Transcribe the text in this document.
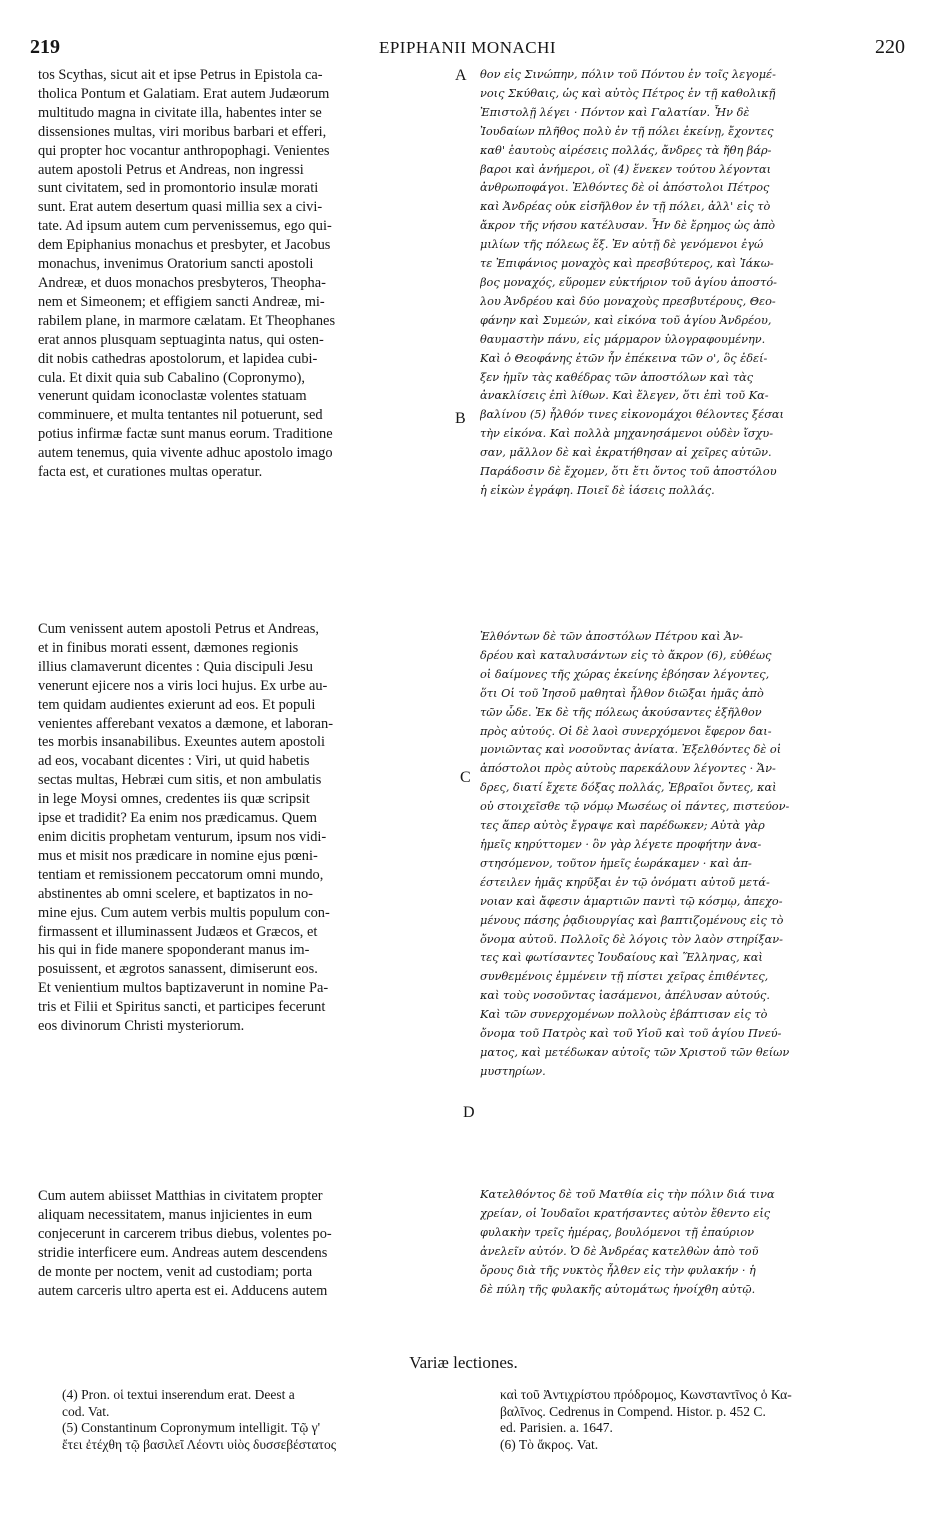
219	EPIPHANII MONACHI	220
tos Scythas, sicut ait et ipse Petrus in Epistola ca-
tholica Pontum et Galatiam. Erat autem Judæorum
multitudo magna in civitate illa, habentes inter se
dissensiones multas, viri moribus barbari et efferi,
qui propter hoc vocantur anthropophagi. Venientes
autem apostoli Petrus et Andreas, non ingressi
sunt civitatem, sed in promontorio insulæ morati
sunt. Erat autem desertum quasi millia sex a civi-
tate. Ad ipsum autem cum pervenissemus, ego qui-
dem Epiphanius monachus et presbyter, et Jacobus
monachus, invenimus Oratorium sancti apostoli
Andreæ, et duos monachos presbyteros, Theopha-
nem et Simeonem; et effigiem sancti Andreæ, mi-
rabilem plane, in marmore cælatam. Et Theophanes
erat annos plusquam septuaginta natus, qui osten-
dit nobis cathedras apostolorum, et lapidea cubi-
cula. Et dixit quia sub Cabalino (Copronymo),
venerunt quidam iconoclastæ volentes statuam
comminuere, et multa tentantes nil potuerunt, sed
potius infirmæ factæ sunt manus eorum. Traditione
autem tenemus, quia vivente adhuc apostolo imago
facta est, et curationes multas operatur.
Cum venissent autem apostoli Petrus et Andreas,
et in finibus morati essent, dæmones regionis
illius clamaverunt dicentes : Quia discipuli Jesu
venerunt ejicere nos a viris loci hujus. Ex urbe au-
tem quidam audientes exierunt ad eos. Et populi
venientes afferebant vexatos a dæmone, et laboran-
tes morbis insanabilibus. Exeuntes autem apostoli
ad eos, vocabant dicentes : Viri, ut quid habetis
sectas multas, Hebræi cum sitis, et non ambulatis
in lege Moysi omnes, credentes iis quæ scripsit
ipse et tradidit? Ea enim nos prædicamus. Quem
enim dicitis prophetam venturum, ipsum nos vidi-
mus et misit nos prædicare in nomine ejus pœni-
tentiam et remissionem peccatorum omni mundo,
abstinentes ab omni scelere, et baptizatos in no-
mine ejus. Cum autem verbis multis populum con-
firmassent et illuminassent Judæos et Græcos, et
his qui in fide manere spoponderant manus im-
posuissent, et ægrotos sanassent, dimiserunt eos.
Et venientium multos baptizaverunt in nomine Pa-
tris et Filii et Spiritus sancti, et participes fecerunt
eos divinorum Christi mysteriorum.
Cum autem abiisset Matthias in civitatem propter
aliquam necessitatem, manus injicientes in eum
conjecerunt in carcerem tribus diebus, volentes po-
stridie interficere eum. Andreas autem descendens
de monte per noctem, venit ad custodiam; porta
autem carceris ultro aperta est ei. Adducens autem
θον εἰς Σινώπην, πόλιν τοῦ Πόντου ἐν τοῖς λεγομέ-
νοις Σκύθαις, ὡς καὶ αὐτὸς Πέτρος ἐν τῇ καθολικῇ
Ἐπιστολῇ λέγει · Πόντον καὶ Γαλατίαν. Ἦν δὲ
Ἰουδαίων πλῆθος πολὺ ἐν τῇ πόλει ἐκείνῃ, ἔχοντες
καθ' ἑαυτοὺς αἱρέσεις πολλάς, ἄνδρες τὰ ἤθη βάρ-
βαροι καὶ ἀνήμεροι, οἳ (4) ἕνεκεν τούτου λέγονται
ἀνθρωποφάγοι. Ἐλθόντες δὲ οἱ ἀπόστολοι Πέτρος
καὶ Ἀνδρέας οὐκ εἰσῆλθον ἐν τῇ πόλει, ἀλλ' εἰς τὸ
ἄκρον τῆς νήσου κατέλυσαν. Ἦν δὲ ἔρημος ὡς ἀπὸ
μιλίων τῆς πόλεως ἕξ. Ἐν αὐτῇ δὲ γενόμενοι ἐγώ
τε Ἐπιφάνιος μοναχὸς καὶ πρεσβύτερος, καὶ Ἰάκω-
βος μοναχός, εὕρομεν εὐκτήριον τοῦ ἁγίου ἀποστό-
λου Ἀνδρέου καὶ δύο μοναχοὺς πρεσβυτέρους, Θεο-
φάνην καὶ Συμεών, καὶ εἰκόνα τοῦ ἁγίου Ἀνδρέου,
θαυμαστὴν πάνυ, εἰς μάρμαρον ὑλογραφουμένην.
Καὶ ὁ Θεοφάνης ἐτῶν ἦν ἐπέκεινα τῶν ο', ὃς ἐδεί-
ξεν ἡμῖν τὰς καθέδρας τῶν ἀποστόλων καὶ τὰς
ἀνακλίσεις ἐπὶ λίθων. Καὶ ἔλεγεν, ὅτι ἐπὶ τοῦ Κα-
βαλίνου (5) ἦλθόν τινες εἰκονομάχοι θέλοντες ξέσαι
τὴν εἰκόνα. Καὶ πολλὰ μηχανησάμενοι οὐδὲν ἴσχυ-
σαν, μᾶλλον δὲ καὶ ἐκρατήθησαν αἱ χεῖρες αὐτῶν.
Παράδοσιν δὲ ἔχομεν, ὅτι ἔτι ὄντος τοῦ ἀποστόλου
ἡ εἰκὼν ἐγράφη. Ποιεῖ δὲ ἰάσεις πολλάς.
Ἐλθόντων δὲ τῶν ἀποστόλων Πέτρου καὶ Ἀν-
δρέου καὶ καταλυσάντων εἰς τὸ ἄκρον (6), εὐθέως
οἱ δαίμονες τῆς χώρας ἐκείνης ἐβόησαν λέγοντες,
ὅτι Οἱ τοῦ Ἰησοῦ μαθηταὶ ἦλθον διῶξαι ἡμᾶς ἀπὸ
τῶν ὧδε. Ἐκ δὲ τῆς πόλεως ἀκούσαντες ἐξῆλθον
πρὸς αὐτούς. Οἱ δὲ λαοὶ συνερχόμενοι ἔφερον δαι-
μονιῶντας καὶ νοσοῦντας ἀνίατα. Ἐξελθόντες δὲ οἱ
ἀπόστολοι πρὸς αὐτοὺς παρεκάλουν λέγοντες · Ἄν-
δρες, διατί ἔχετε δόξας πολλάς, Ἑβραῖοι ὄντες, καὶ
οὐ στοιχεῖσθε τῷ νόμῳ Μωσέως οἱ πάντες, πιστεύον-
τες ἅπερ αὐτὸς ἔγραψε καὶ παρέδωκεν; Αὐτὰ γὰρ
ἡμεῖς κηρύττομεν · ὃν γὰρ λέγετε προφήτην ἀνα-
στησόμενον, τοῦτον ἡμεῖς ἑωράκαμεν · καὶ ἀπ-
έστειλεν ἡμᾶς κηρῦξαι ἐν τῷ ὀνόματι αὐτοῦ μετά-
νοιαν καὶ ἄφεσιν ἁμαρτιῶν παντὶ τῷ κόσμῳ, ἀπεχο-
μένους πάσης ῥᾳδιουργίας καὶ βαπτιζομένους εἰς τὸ
ὄνομα αὐτοῦ. Πολλοῖς δὲ λόγοις τὸν λαὸν στηρίξαν-
τες καὶ φωτίσαντες Ἰουδαίους καὶ Ἕλληνας, καὶ
συνθεμένοις ἐμμένειν τῇ πίστει χεῖρας ἐπιθέντες,
καὶ τοὺς νοσοῦντας ἰασάμενοι, ἀπέλυσαν αὐτούς.
Καὶ τῶν συνερχομένων πολλοὺς ἐβάπτισαν εἰς τὸ
ὄνομα τοῦ Πατρὸς καὶ τοῦ Υἱοῦ καὶ τοῦ ἁγίου Πνεύ-
ματος, καὶ μετέδωκαν αὐτοῖς τῶν Χριστοῦ τῶν θείων
μυστηρίων.
Κατελθόντος δὲ τοῦ Ματθία εἰς τὴν πόλιν διά τινα
χρείαν, οἱ Ἰουδαῖοι κρατήσαντες αὐτὸν ἔθεντο εἰς
φυλακὴν τρεῖς ἡμέρας, βουλόμενοι τῇ ἐπαύριον
ἀνελεῖν αὐτόν. Ὁ δὲ Ἀνδρέας κατελθὼν ἀπὸ τοῦ
ὄρους διὰ τῆς νυκτὸς ἦλθεν εἰς τὴν φυλακήν · ἡ
δὲ πύλη τῆς φυλακῆς αὐτομάτως ἠνοίχθη αὐτῷ.
A
B
C
D
Variæ lectiones.

(4) Pron. οἱ textui inserendum erat. Deest a

cod. Vat.

(5) Constantinum Copronymum intelligit. Τῷ γ'

ἔτει ἐτέχθη τῷ βασιλεῖ Λέοντι υἱὸς δυσσεβέστατος

καὶ τοῦ Ἀντιχρίστου πρόδρομος, Κωνσταντῖνος ὁ Κα-

βαλῖνος. Cedrenus in Compend. Histor. p. 452 C.

ed. Parisien. a. 1647.

(6) Τὸ ἄκρος. Vat.
